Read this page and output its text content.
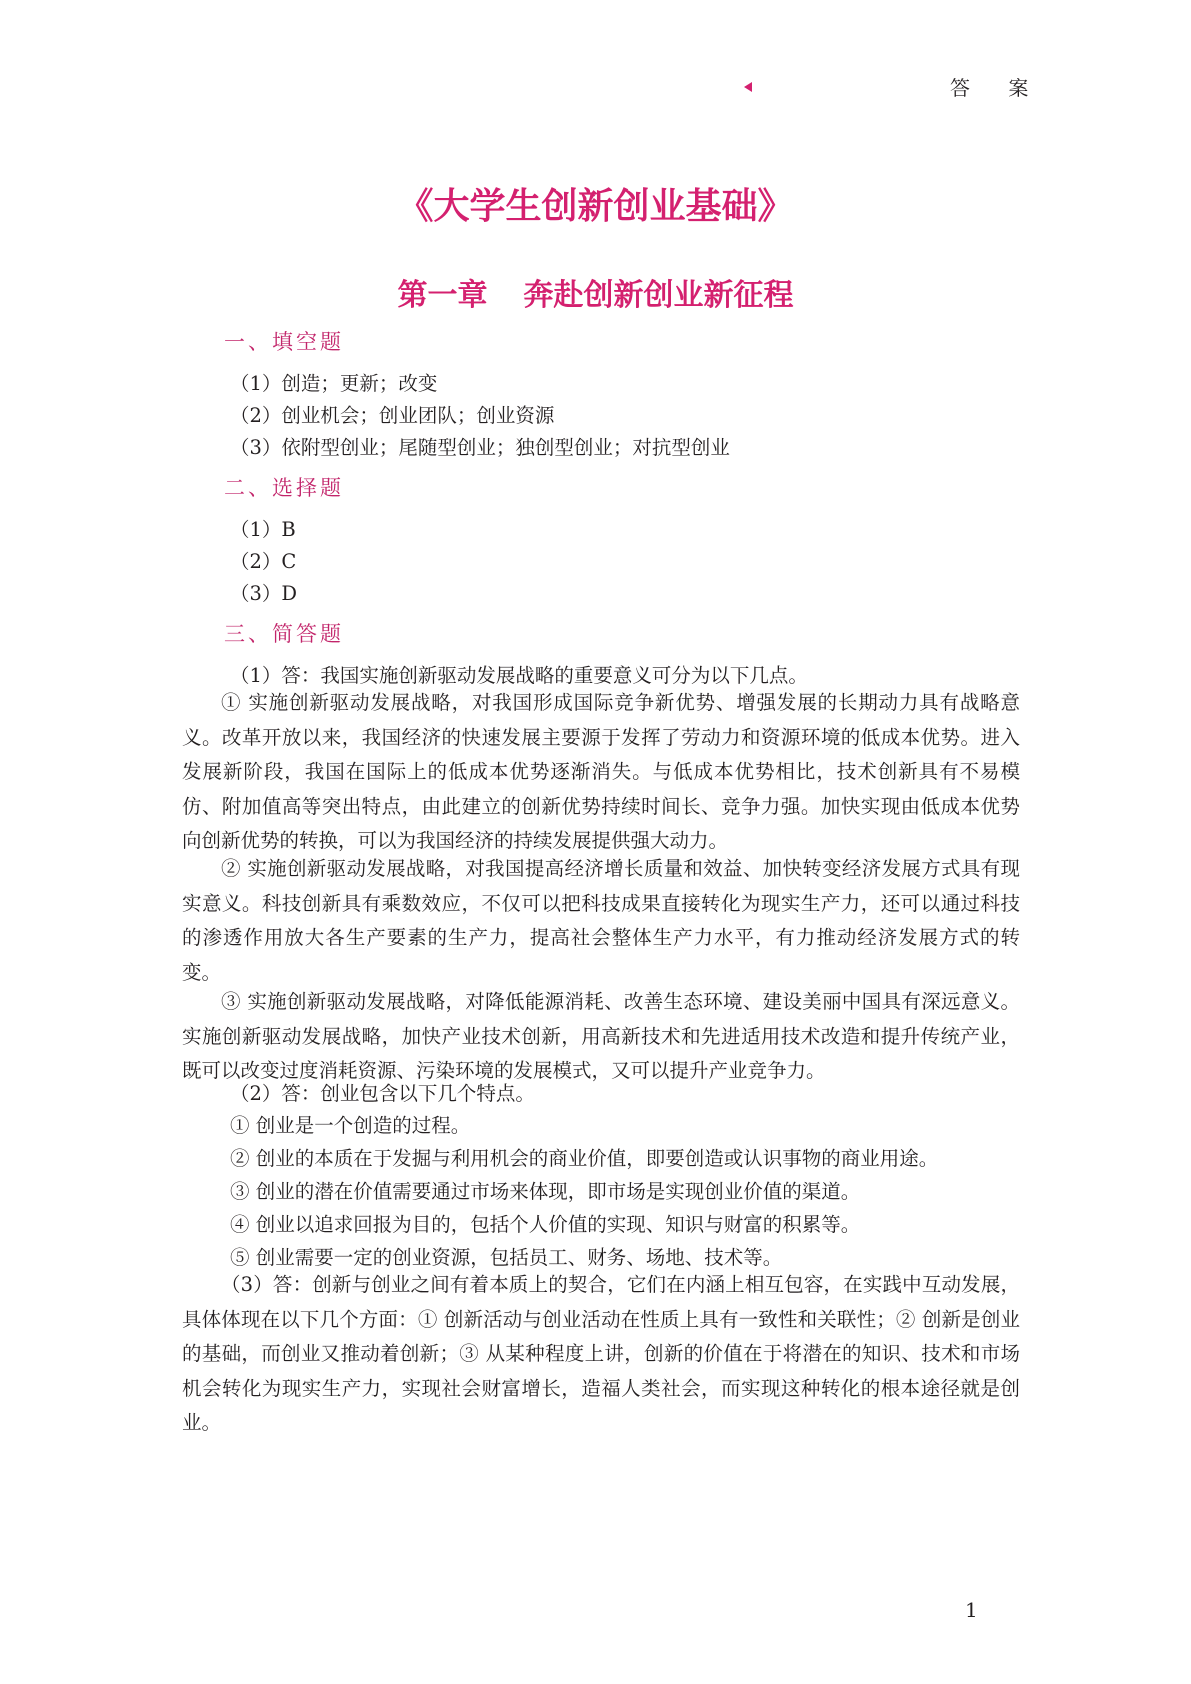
答 案
《大学生创新创业基础》
第一章 奔赴创新创业新征程
一、填空题
（1）创造；更新；改变
（2）创业机会；创业团队；创业资源
（3）依附型创业；尾随型创业；独创型创业；对抗型创业
二、选择题
（1）B
（2）C
（3）D
三、简答题
（1）答：我国实施创新驱动发展战略的重要意义可分为以下几点。
① 实施创新驱动发展战略，对我国形成国际竞争新优势、增强发展的长期动力具有战略意义。改革开放以来，我国经济的快速发展主要源于发挥了劳动力和资源环境的低成本优势。进入发展新阶段，我国在国际上的低成本优势逐渐消失。与低成本优势相比，技术创新具有不易模仿、附加值高等突出特点，由此建立的创新优势持续时间长、竞争力强。加快实现由低成本优势向创新优势的转换，可以为我国经济的持续发展提供强大动力。
② 实施创新驱动发展战略，对我国提高经济增长质量和效益、加快转变经济发展方式具有现实意义。科技创新具有乘数效应，不仅可以把科技成果直接转化为现实生产力，还可以通过科技的渗透作用放大各生产要素的生产力，提高社会整体生产力水平，有力推动经济发展方式的转变。
③ 实施创新驱动发展战略，对降低能源消耗、改善生态环境、建设美丽中国具有深远意义。实施创新驱动发展战略，加快产业技术创新，用高新技术和先进适用技术改造和提升传统产业，既可以改变过度消耗资源、污染环境的发展模式，又可以提升产业竞争力。
（2）答：创业包含以下几个特点。
① 创业是一个创造的过程。
② 创业的本质在于发掘与利用机会的商业价值，即要创造或认识事物的商业用途。
③ 创业的潜在价值需要通过市场来体现，即市场是实现创业价值的渠道。
④ 创业以追求回报为目的，包括个人价值的实现、知识与财富的积累等。
⑤ 创业需要一定的创业资源，包括员工、财务、场地、技术等。
（3）答：创新与创业之间有着本质上的契合，它们在内涵上相互包容，在实践中互动发展，具体体现在以下几个方面：① 创新活动与创业活动在性质上具有一致性和关联性；② 创新是创业的基础，而创业又推动着创新；③ 从某种程度上讲，创新的价值在于将潜在的知识、技术和市场机会转化为现实生产力，实现社会财富增长，造福人类社会，而实现这种转化的根本途径就是创业。
1
